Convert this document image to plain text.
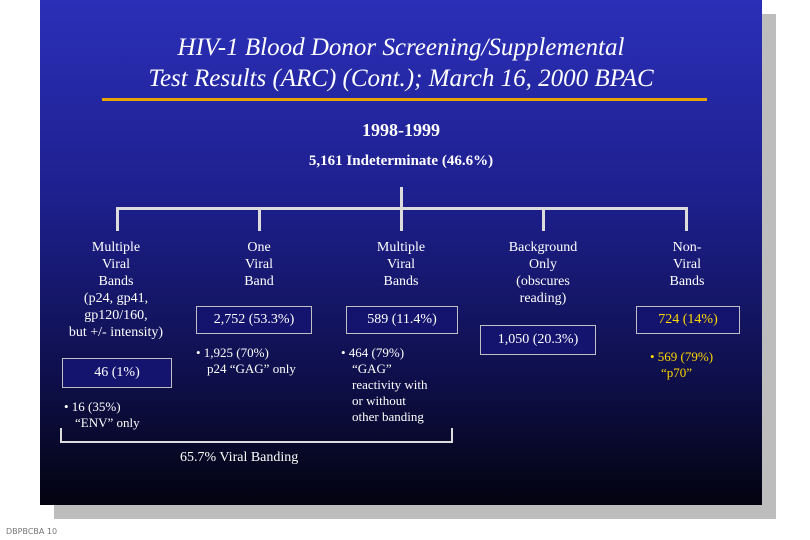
HIV-1 Blood Donor Screening/Supplemental
Test Results (ARC) (Cont.); March 16, 2000 BPAC
1998-1999
5,161 Indeterminate (46.6%)
Multiple
Viral
Bands
(p24, gp41,
gp120/160,
but +/- intensity)
46 (1%)
• 16 (35%)
“ENV” only
One
Viral
Band
2,752 (53.3%)
• 1,925 (70%)
p24 “GAG” only
Multiple
Viral
Bands
589 (11.4%)
• 464 (79%)
“GAG”
reactivity with
or without
other banding
Background
Only
(obscures
reading)
1,050 (20.3%)
Non-
Viral
Bands
724 (14%)
• 569 (79%)
“p70”
65.7% Viral Banding
DBPBCBA 10
